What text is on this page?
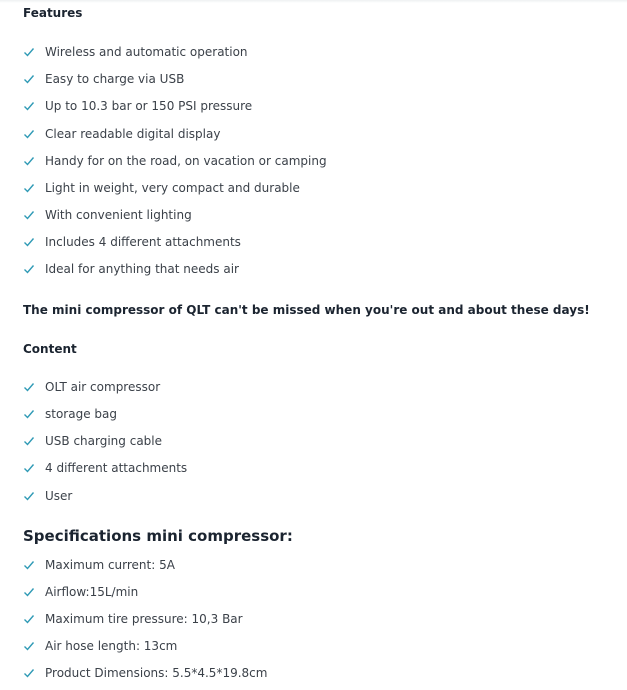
Features
Wireless and automatic operation
Easy to charge via USB
Up to 10.3 bar or 150 PSI pressure
Clear readable digital display
Handy for on the road, on vacation or camping
Light in weight, very compact and durable
With convenient lighting
Includes 4 different attachments
Ideal for anything that needs air

The mini compressor of QLT can't be missed when you're out and about these days!

Content
OLT air compressor
storage bag
USB charging cable
4 different attachments
User
Specifications mini compressor:
Maximum current: 5A
Airflow:15L/min
Maximum tire pressure: 10,3 Bar
Air hose length: 13cm
Product Dimensions: 5.5*4.5*19.8cm
